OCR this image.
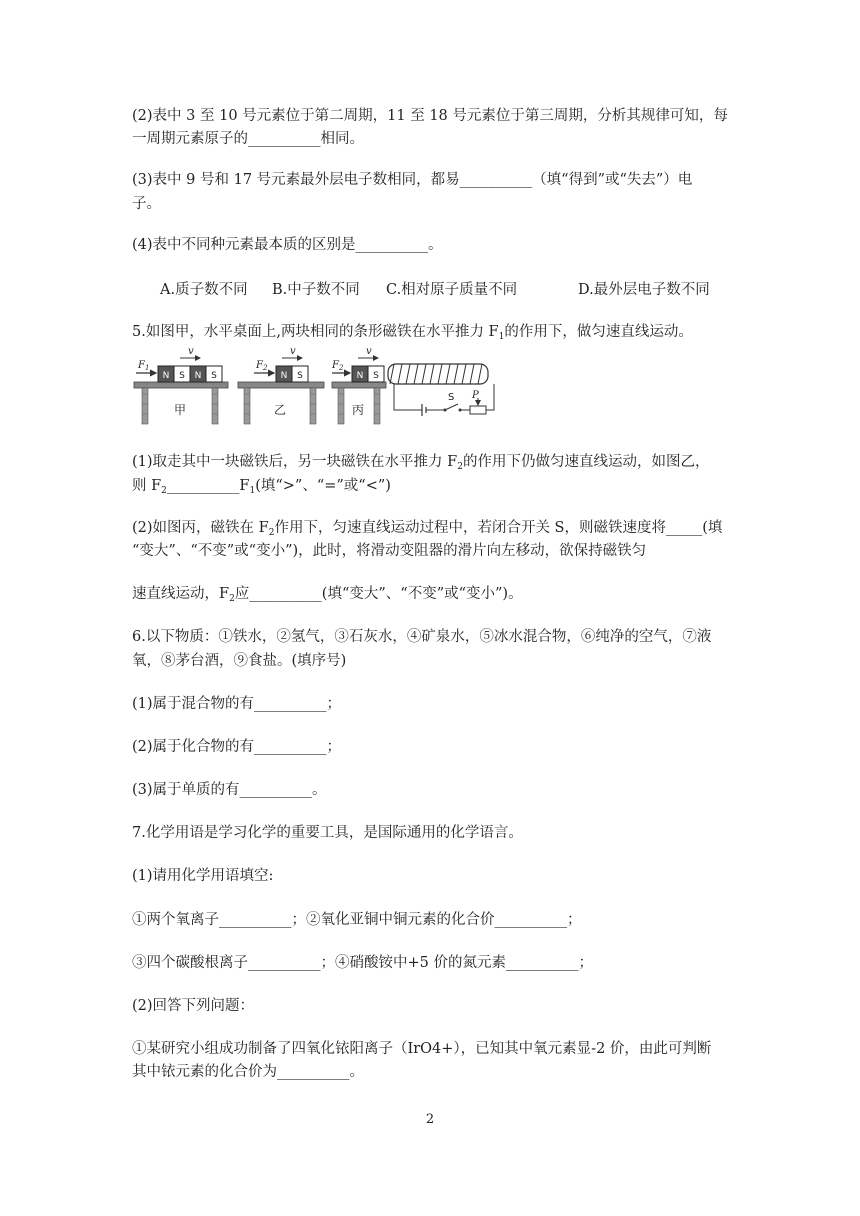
(2)表中 3 至 10 号元素位于第二周期，11 至 18 号元素位于第三周期，分析其规律可知，每
一周期元素原子的__________相同。
(3)表中 9 号和 17 号元素最外层电子数相同，都易__________（填“得到”或“失去”）电
子。
(4)表中不同种元素最本质的区别是__________。
A.质子数不同 B.中子数不同 C.相对原子质量不同	D.最外层电子数不同
5.如图甲，水平桌面上,两块相同的条形磁铁在水平推力 $F_1$的作用下，做匀速直线运动。
N S N S
$F_1$
v
甲
N S
$F_2$
v
乙
N S
$F_2$
v
丙
S P
(1)取走其中一块磁铁后，另一块磁铁在水平推力 $F_2$的作用下仍做匀速直线运动，如图乙，
则 $F_2\_\_\_\_\_\_\_\_\_\_F_1$(填“>”、“=”或“<”)
(2)如图丙，磁铁在 $F_2$作用下，匀速直线运动过程中，若闭合开关 S，则磁铁速度将_____(填
“变大”、“不变”或“变小”)，此时，将滑动变阻器的滑片向左移动，欲保持磁铁匀
速直线运动，$F_2$应__________(填“变大”、“不变”或“变小”)。
6.以下物质：①铁水，②氢气，③石灰水，④矿泉水，⑤冰水混合物，⑥纯净的空气，⑦液
氧，⑧茅台酒，⑨食盐。(填序号)
(1)属于混合物的有__________；
(2)属于化合物的有__________；
(3)属于单质的有__________。
7.化学用语是学习化学的重要工具，是国际通用的化学语言。
(1)请用化学用语填空:
①两个氧离子__________；②氧化亚铜中铜元素的化合价__________；
③四个碳酸根离子__________；④硝酸铵中+5 价的氮元素__________；
(2)回答下列问题：
①某研究小组成功制备了四氧化铱阳离子（IrO4+），已知其中氧元素显-2 价，由此可判断
其中铱元素的化合价为__________。
2
